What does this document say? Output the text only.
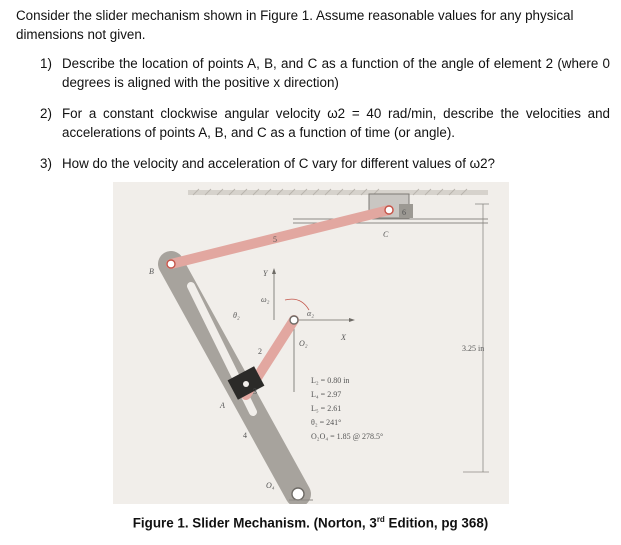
Consider the slider mechanism shown in Figure 1. Assume reasonable values for any physical dimensions not given.
1) Describe the location of points A, B, and C as a function of the angle of element 2 (where 0 degrees is aligned with the positive x direction)
2) For a constant clockwise angular velocity ω2 = 40 rad/min, describe the velocities and accelerations of points A, B, and C as a function of time (or angle).
3) How do the velocity and acceleration of C vary for different values of ω2?
6
C
3.25 in
4
O₄
B
5
Y
X
O₂
2
α₂
ω₂
θ₂
3
A
L₂ = 0.80 in
L₄ = 2.97
L₅ = 2.61
θ₂ = 241°
O₂O₄ = 1.85 @ 278.5°
Figure 1. Slider Mechanism. (Norton, 3rd Edition, pg 368)
